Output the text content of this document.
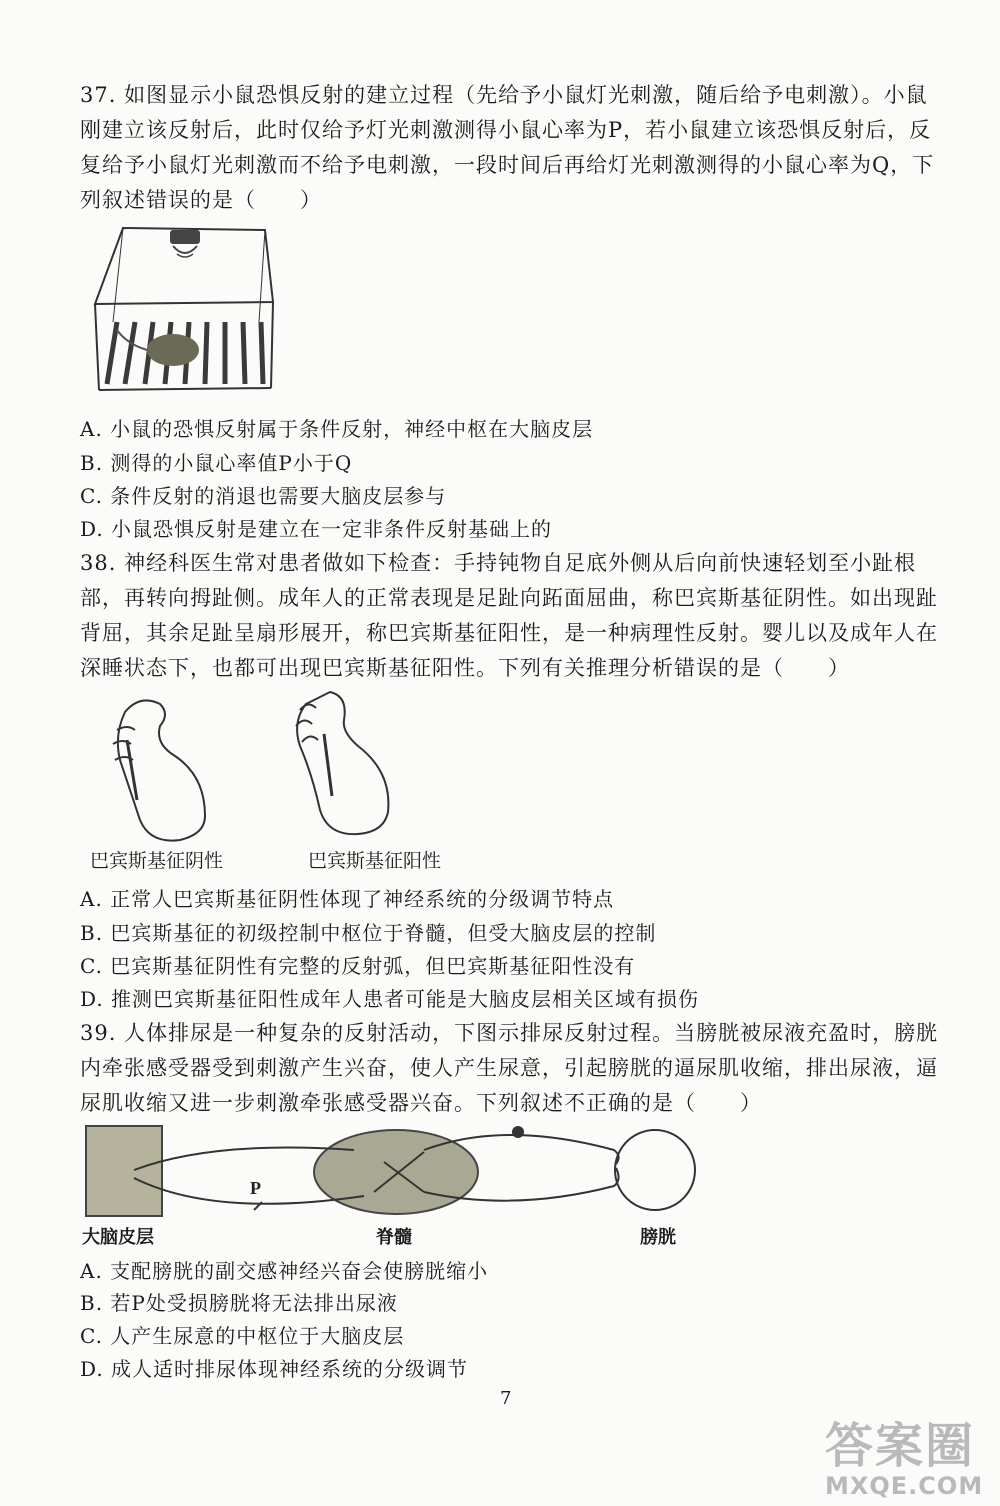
37. 如图显示小鼠恐惧反射的建立过程（先给予小鼠灯光刺激，随后给予电刺激）。小鼠刚建立该反射后，此时仅给予灯光刺激测得小鼠心率为P，若小鼠建立该恐惧反射后，反复给予小鼠灯光刺激而不给予电刺激，一段时间后再给灯光刺激测得的小鼠心率为Q，下列叙述错误的是（　　）
A. 小鼠的恐惧反射属于条件反射，神经中枢在大脑皮层
B. 测得的小鼠心率值P小于Q
C. 条件反射的消退也需要大脑皮层参与
D. 小鼠恐惧反射是建立在一定非条件反射基础上的
38. 神经科医生常对患者做如下检查：手持钝物自足底外侧从后向前快速轻划至小趾根部，再转向拇趾侧。成年人的正常表现是足趾向跖面屈曲，称巴宾斯基征阴性。如出现趾背屈，其余足趾呈扇形展开，称巴宾斯基征阳性，是一种病理性反射。婴儿以及成年人在深睡状态下，也都可出现巴宾斯基征阳性。下列有关推理分析错误的是（　　）
巴宾斯基征阴性	巴宾斯基征阳性
A. 正常人巴宾斯基征阴性体现了神经系统的分级调节特点
B. 巴宾斯基征的初级控制中枢位于脊髓，但受大脑皮层的控制
C. 巴宾斯基征阴性有完整的反射弧，但巴宾斯基征阳性没有
D. 推测巴宾斯基征阳性成年人患者可能是大脑皮层相关区域有损伤
39. 人体排尿是一种复杂的反射活动，下图示排尿反射过程。当膀胱被尿液充盈时，膀胱内牵张感受器受到刺激产生兴奋，使人产生尿意，引起膀胱的逼尿肌收缩，排出尿液，逼尿肌收缩又进一步刺激牵张感受器兴奋。下列叙述不正确的是（　　）
P
大脑皮层	脊髓	膀胱
A. 支配膀胱的副交感神经兴奋会使膀胱缩小
B. 若P处受损膀胱将无法排出尿液
C. 人产生尿意的中枢位于大脑皮层
D. 成人适时排尿体现神经系统的分级调节
7
答案圈
MXQE.COM
